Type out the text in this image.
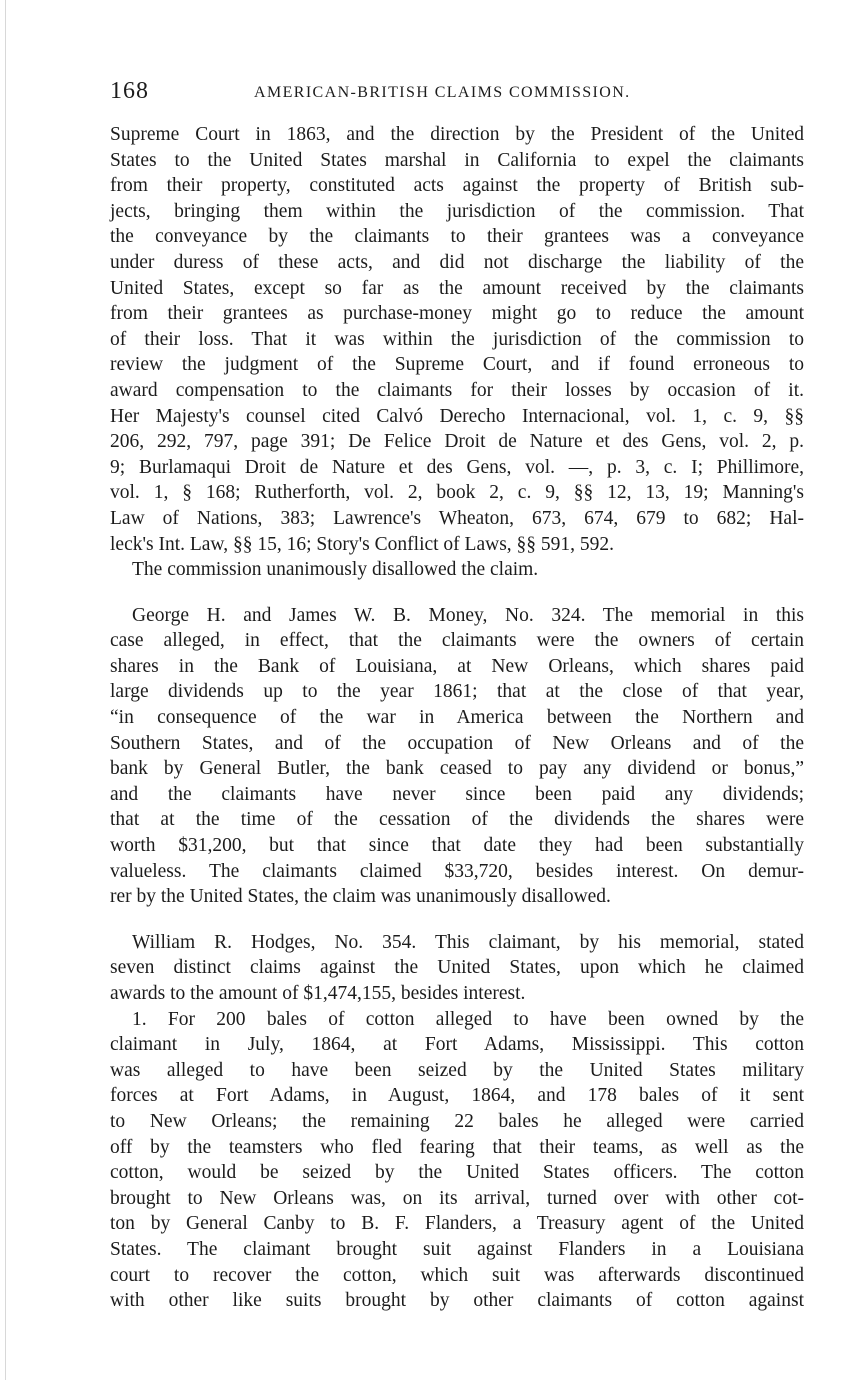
168	AMERICAN-BRITISH CLAIMS COMMISSION.
Supreme Court in 1863, and the direction by the President of the United
States to the United States marshal in California to expel the claimants
from their property, constituted acts against the property of British sub-
jects, bringing them within the jurisdiction of the commission. That
the conveyance by the claimants to their grantees was a conveyance
under duress of these acts, and did not discharge the liability of the
United States, except so far as the amount received by the claimants
from their grantees as purchase-money might go to reduce the amount
of their loss. That it was within the jurisdiction of the commission to
review the judgment of the Supreme Court, and if found erroneous to
award compensation to the claimants for their losses by occasion of it.
Her Majesty's counsel cited Calvó Derecho Internacional, vol. 1, c. 9, §§
206, 292, 797, page 391; De Felice Droit de Nature et des Gens, vol. 2, p.
9; Burlamaqui Droit de Nature et des Gens, vol. —, p. 3, c. I; Phillimore,
vol. 1, § 168; Rutherforth, vol. 2, book 2, c. 9, §§ 12, 13, 19; Manning's
Law of Nations, 383; Lawrence's Wheaton, 673, 674, 679 to 682; Hal-
leck's Int. Law, §§ 15, 16; Story's Conflict of Laws, §§ 591, 592.
The commission unanimously disallowed the claim.
George H. and James W. B. Money, No. 324. The memorial in this
case alleged, in effect, that the claimants were the owners of certain
shares in the Bank of Louisiana, at New Orleans, which shares paid
large dividends up to the year 1861; that at the close of that year,
“in consequence of the war in America between the Northern and
Southern States, and of the occupation of New Orleans and of the
bank by General Butler, the bank ceased to pay any dividend or bonus,”
and the claimants have never since been paid any dividends;
that at the time of the cessation of the dividends the shares were
worth $31,200, but that since that date they had been substantially
valueless. The claimants claimed $33,720, besides interest. On demur-
rer by the United States, the claim was unanimously disallowed.
William R. Hodges, No. 354. This claimant, by his memorial, stated
seven distinct claims against the United States, upon which he claimed
awards to the amount of $1,474,155, besides interest.
1. For 200 bales of cotton alleged to have been owned by the
claimant in July, 1864, at Fort Adams, Mississippi. This cotton
was alleged to have been seized by the United States military
forces at Fort Adams, in August, 1864, and 178 bales of it sent
to New Orleans; the remaining 22 bales he alleged were carried
off by the teamsters who fled fearing that their teams, as well as the
cotton, would be seized by the United States officers. The cotton
brought to New Orleans was, on its arrival, turned over with other cot-
ton by General Canby to B. F. Flanders, a Treasury agent of the United
States. The claimant brought suit against Flanders in a Louisiana
court to recover the cotton, which suit was afterwards discontinued
with other like suits brought by other claimants of cotton against
